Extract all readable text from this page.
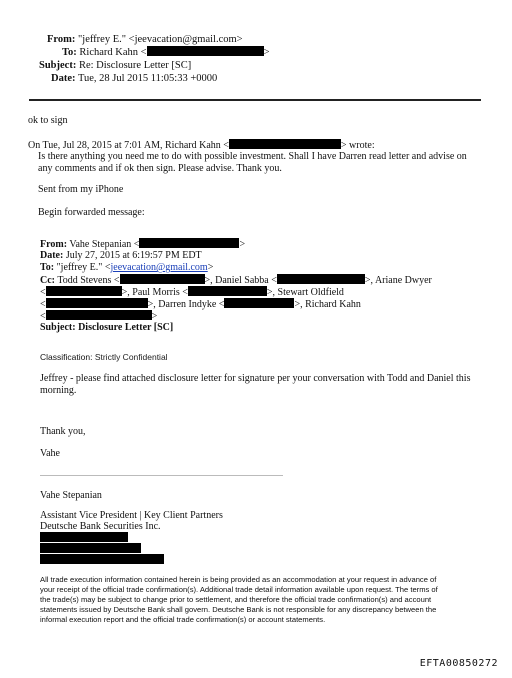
From: "jeffrey E." <jeevacation@gmail.com>
To: Richard Kahn <	>
Subject: Re: Disclosure Letter [SC]
Date: Tue, 28 Jul 2015 11:05:33 +0000
ok to sign
On Tue, Jul 28, 2015 at 7:01 AM, Richard Kahn <	> wrote:
Is there anything you need me to do with possible investment. Shall I have Darren read letter and advise on
any comments and if ok then sign. Please advise. Thank you.
Sent from my iPhone
Begin forwarded message:
From: Vahe Stepanian <	>
Date: July 27, 2015 at 6:19:57 PM EDT
To: "jeffrey E." <jeevacation@gmail.com>
Cc: Todd Stevens <	>, Daniel Sabba <	>, Ariane Dwyer
<	>, Paul Morris <	>, Stewart Oldfield
<	>, Darren Indyke <	>, Richard Kahn
<	>
Subject: Disclosure Letter [SC]
Classification: Strictly Confidential
Jeffrey - please find attached disclosure letter for signature per your conversation with Todd and Daniel this
morning.
Thank you,
Vahe
Vahe Stepanian
Assistant Vice President | Key Client Partners
Deutsche Bank Securities Inc.
All trade execution information contained herein is being provided as an accommodation at your request in advance of
your receipt of the official trade confirmation(s). Additional trade detail information available upon request. The terms of
the trade(s) may be subject to change prior to settlement, and therefore the official trade confirmation(s) and account
statements issued by Deutsche Bank shall govern. Deutsche Bank is not responsible for any discrepancy between the
informal execution report and the official trade confirmation(s) or account statements.
EFTA00850272
